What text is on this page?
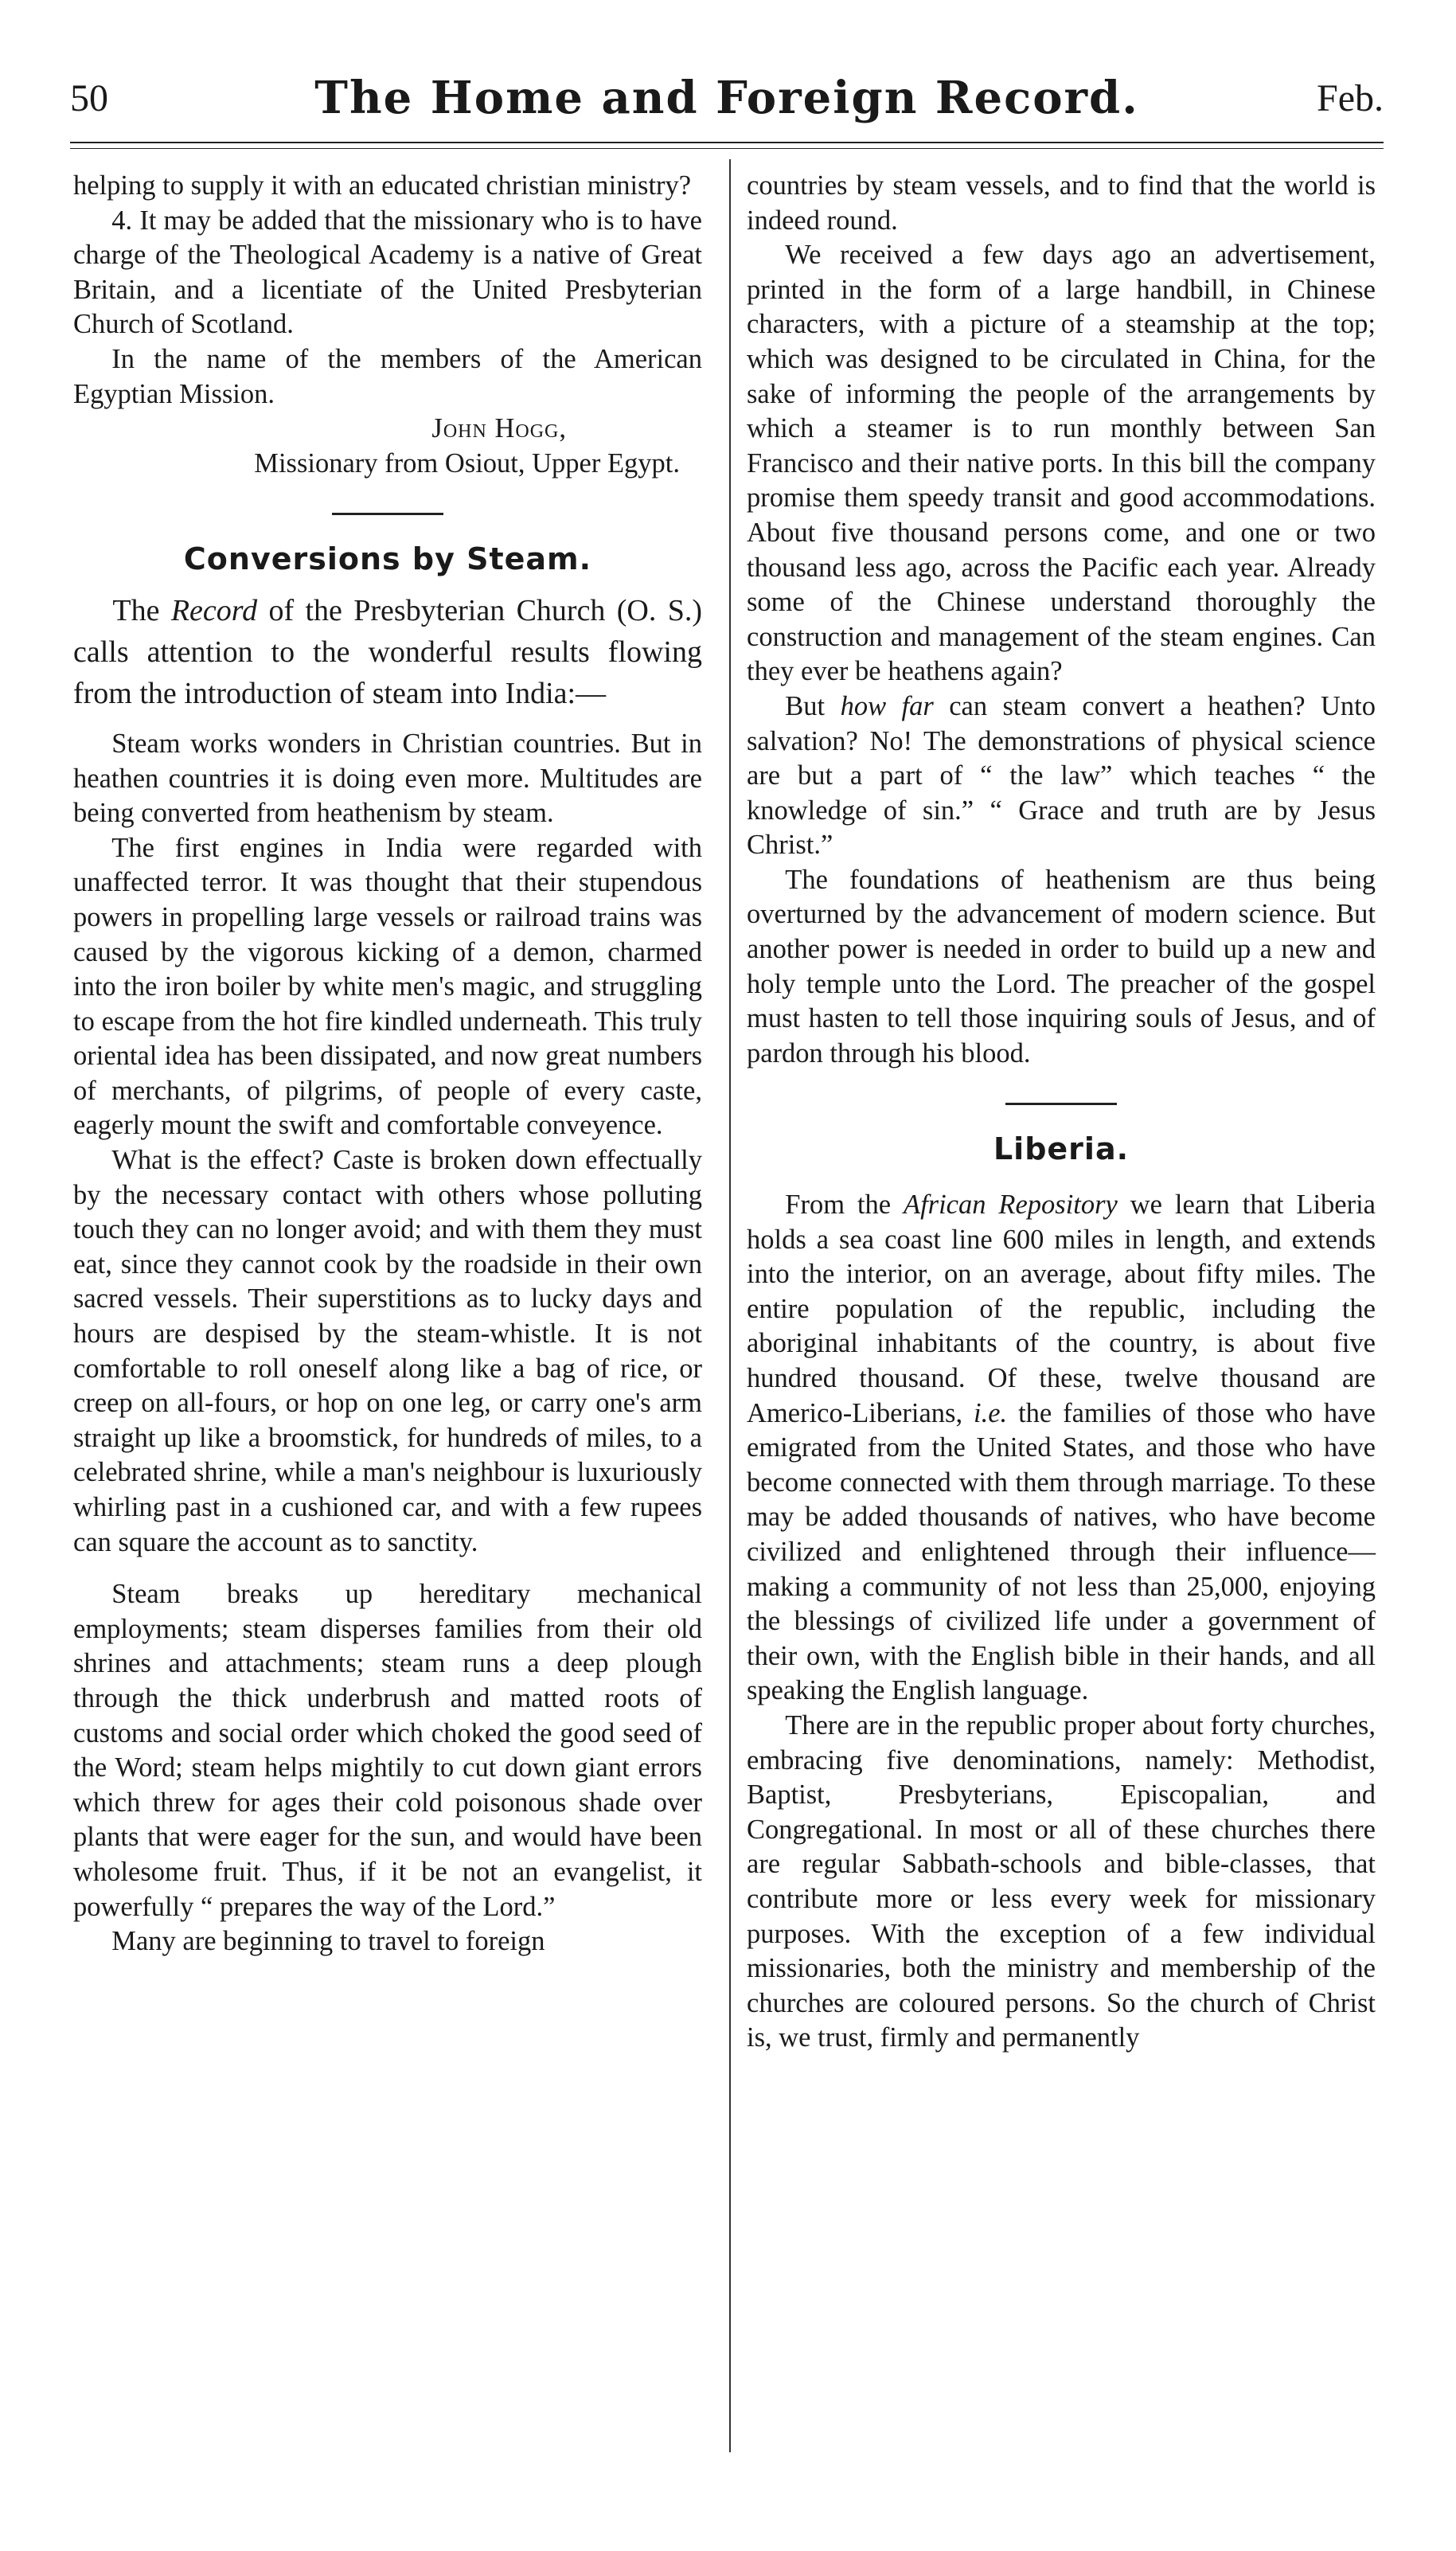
50	The Home and Foreign Record.	Feb.

helping to supply it with an educated christian ministry?

4. It may be added that the missionary who is to have charge of the Theological Academy is a native of Great Britain, and a licentiate of the United Presbyterian Church of Scotland.

In the name of the members of the American Egyptian Mission.

John Hogg,
Missionary from Osiout, Upper Egypt.
Conversions by Steam.

The Record of the Presbyterian Church (O. S.) calls attention to the wonderful results flowing from the introduction of steam into India:—

Steam works wonders in Christian countries. But in heathen countries it is doing even more. Multitudes are being converted from heathenism by steam.

The first engines in India were regarded with unaffected terror. It was thought that their stupendous powers in propelling large vessels or railroad trains was caused by the vigorous kicking of a demon, charmed into the iron boiler by white men's magic, and struggling to escape from the hot fire kindled underneath. This truly oriental idea has been dissipated, and now great numbers of merchants, of pilgrims, of people of every caste, eagerly mount the swift and comfortable conveyence.

What is the effect? Caste is broken down effectually by the necessary contact with others whose polluting touch they can no longer avoid; and with them they must eat, since they cannot cook by the roadside in their own sacred vessels. Their superstitions as to lucky days and hours are despised by the steam-whistle. It is not comfortable to roll oneself along like a bag of rice, or creep on all-fours, or hop on one leg, or carry one's arm straight up like a broomstick, for hundreds of miles, to a celebrated shrine, while a man's neighbour is luxuriously whirling past in a cushioned car, and with a few rupees can square the account as to sanctity.

Steam breaks up hereditary mechanical employments; steam disperses families from their old shrines and attachments; steam runs a deep plough through the thick underbrush and matted roots of customs and social order which choked the good seed of the Word; steam helps mightily to cut down giant errors which threw for ages their cold poisonous shade over plants that were eager for the sun, and would have been wholesome fruit. Thus, if it be not an evangelist, it powerfully “ prepares the way of the Lord.”

Many are beginning to travel to foreign

countries by steam vessels, and to find that the world is indeed round.

We received a few days ago an advertisement, printed in the form of a large handbill, in Chinese characters, with a picture of a steamship at the top; which was designed to be circulated in China, for the sake of informing the people of the arrangements by which a steamer is to run monthly between San Francisco and their native ports. In this bill the company promise them speedy transit and good accommodations. About five thousand persons come, and one or two thousand less ago, across the Pacific each year. Already some of the Chinese understand thoroughly the construction and management of the steam engines. Can they ever be heathens again?

But how far can steam convert a heathen? Unto salvation? No! The demonstrations of physical science are but a part of “ the law” which teaches “ the knowledge of sin.” “ Grace and truth are by Jesus Christ.”

The foundations of heathenism are thus being overturned by the advancement of modern science. But another power is needed in order to build up a new and holy temple unto the Lord. The preacher of the gospel must hasten to tell those inquiring souls of Jesus, and of pardon through his blood.

Liberia.

From the African Repository we learn that Liberia holds a sea coast line 600 miles in length, and extends into the interior, on an average, about fifty miles. The entire population of the republic, including the aboriginal inhabitants of the country, is about five hundred thousand. Of these, twelve thousand are Americo-Liberians, i.e. the families of those who have emigrated from the United States, and those who have become connected with them through marriage. To these may be added thousands of natives, who have become civilized and enlightened through their influence—making a community of not less than 25,000, enjoying the blessings of civilized life under a government of their own, with the English bible in their hands, and all speaking the English language.

There are in the republic proper about forty churches, embracing five denominations, namely: Methodist, Baptist, Presbyterians, Episcopalian, and Congregational. In most or all of these churches there are regular Sabbath-schools and bible-classes, that contribute more or less every week for missionary purposes. With the exception of a few individual missionaries, both the ministry and membership of the churches are coloured persons. So the church of Christ is, we trust, firmly and permanently
